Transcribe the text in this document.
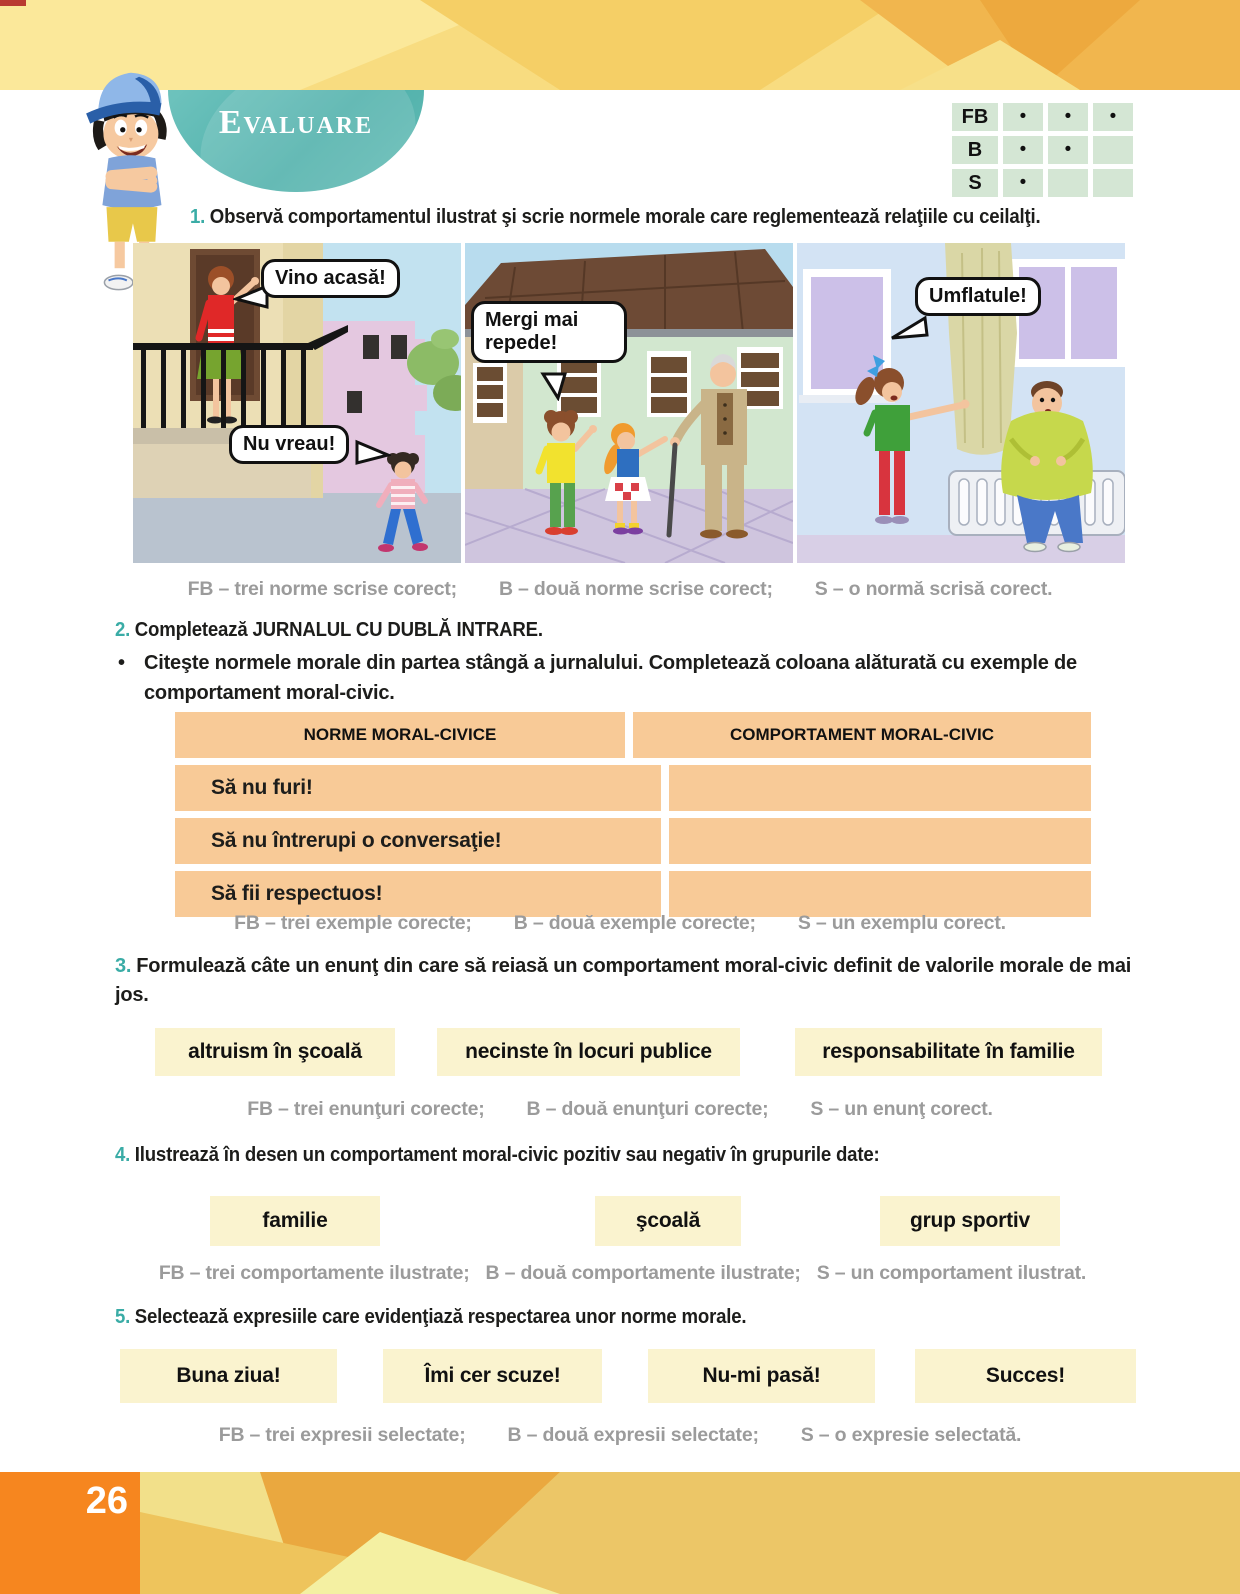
Evaluare	FB	•	•	•
B	•	•
S	•
1. Observă comportamentul ilustrat şi scrie normele morale care reglementează relaţiile cu ceilalţi.
Vino acasă!
Nu vreau!
Mergi mai repede!
Umflatule!
FB – trei norme scrise corect; B – două norme scrise corect; S – o normă scrisă corect.
2. Completează JURNALUL CU DUBLĂ INTRARE.
• Citeşte normele morale din partea stângă a jurnalului. Completează coloana alăturată cu exemple de comportament moral-civic.
NORME MORAL-CIVICE	COMPORTAMENT MORAL-CIVIC
Să nu furi!
Să nu întrerupi o conversaţie!
Să fii respectuos!
FB – trei exemple corecte; B – două exemple corecte; S – un exemplu corect.
3. Formulează câte un enunţ din care să reiasă un comportament moral-civic definit de valorile morale de mai jos.
altruism în şcoală	necinste în locuri publice	responsabilitate în familie
FB – trei enunţuri corecte; B – două enunţuri corecte; S – un enunţ corect.
4. Ilustrează în desen un comportament moral-civic pozitiv sau negativ în grupurile date:
familie	şcoală	grup sportiv
FB – trei comportamente ilustrate; B – două comportamente ilustrate; S – un comportament ilustrat.
5. Selectează expresiile care evidenţiază respectarea unor norme morale.
Buna ziua!	Îmi cer scuze!	Nu-mi pasă!	Succes!
FB – trei expresii selectate; B – două expresii selectate; S – o expresie selectată.
26
